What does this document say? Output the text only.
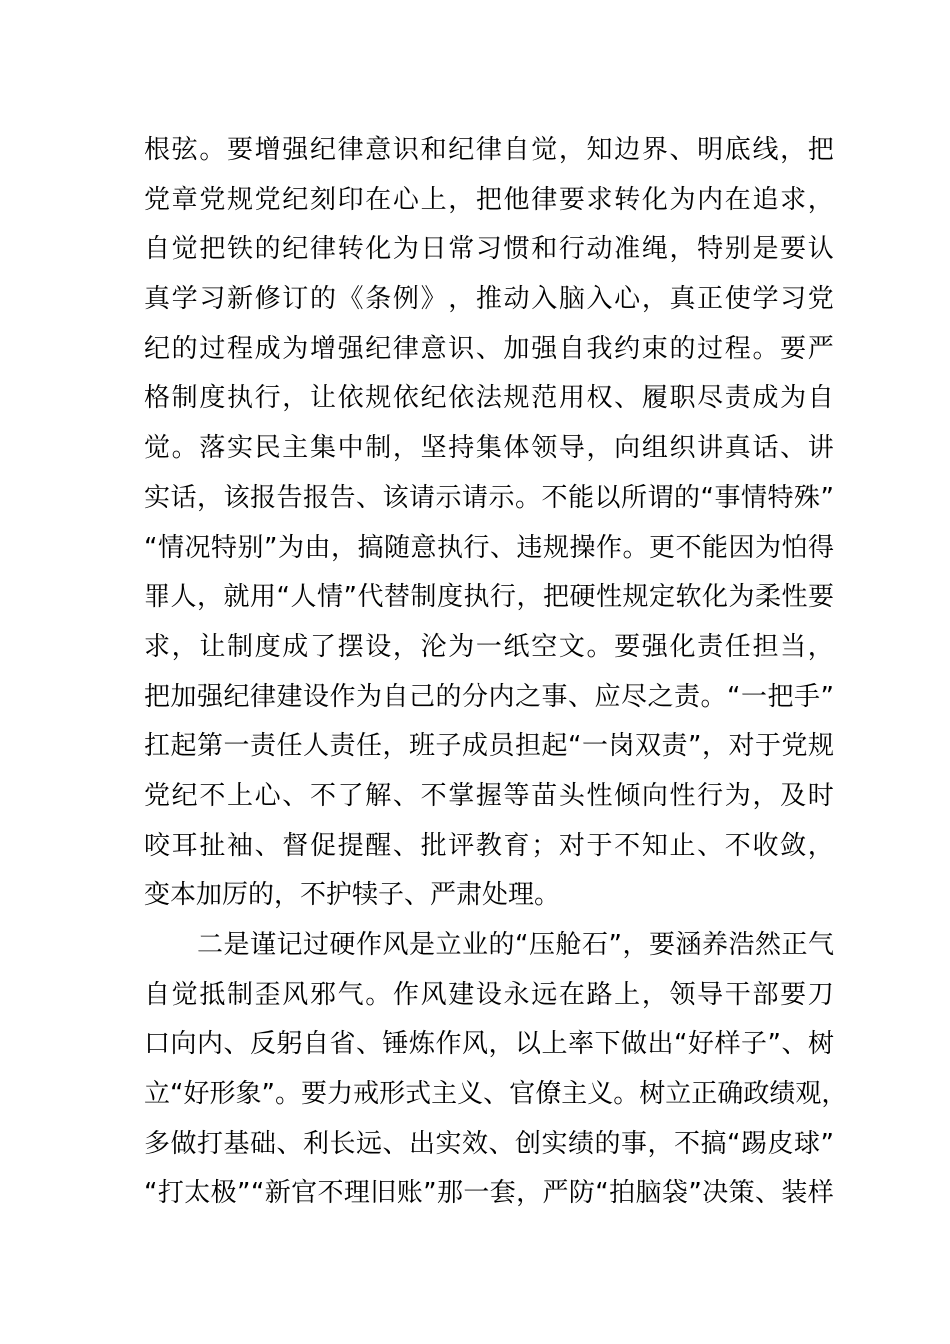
根 弦 。 要 增 强 纪 律 意 识 和 纪 律 自 觉 ， 知 边 界 、 明 底 线 ， 把
党 章 党 规 党 纪 刻 印 在 心 上 ， 把 他 律 要 求 转 化 为 内 在 追 求 ，
自 觉 把 铁 的 纪 律 转 化 为 日 常 习 惯 和 行 动 准 绳 ， 特 别 是 要 认
真 学 习 新 修 订 的 《 条 例 》 ， 推 动 入 脑 入 心 ， 真 正 使 学 习 党
纪 的 过 程 成 为 增 强 纪 律 意 识 、 加 强 自 我 约 束 的 过 程 。 要 严
格 制 度 执 行 ， 让 依 规 依 纪 依 法 规 范 用 权 、 履 职 尽 责 成 为 自
觉 。 落 实 民 主 集 中 制 ， 坚 持 集 体 领 导 ， 向 组 织 讲 真 话 、 讲
实 话 ， 该 报 告 报 告 、 该 请 示 请 示 。 不 能 以 所 谓 的 “ 事 情 特 殊 ”
“ 情 况 特 别 ” 为 由 ， 搞 随 意 执 行 、 违 规 操 作 。 更 不 能 因 为 怕 得
罪 人 ， 就 用 “ 人 情 ” 代 替 制 度 执 行 ， 把 硬 性 规 定 软 化 为 柔 性 要
求 ， 让 制 度 成 了 摆 设 ， 沦 为 一 纸 空 文 。 要 强 化 责 任 担 当 ，
把 加 强 纪 律 建 设 作 为 自 己 的 分 内 之 事 、 应 尽 之 责 。 “ 一 把 手 ”
扛 起 第 一 责 任 人 责 任 ， 班 子 成 员 担 起 “ 一 岗 双 责 ” ， 对 于 党 规
党 纪 不 上 心 、 不 了 解 、 不 掌 握 等 苗 头 性 倾 向 性 行 为 ， 及 时
咬 耳 扯 袖 、 督 促 提 醒 、 批 评 教 育 ； 对 于 不 知 止 、 不 收 敛 ，
变本加厉的，不护犊子、严肃处理。

二 是 谨 记 过 硬 作 风 是 立 业 的 “ 压 舱 石 ” ， 要 涵 养 浩 然 正 气
自 觉 抵 制 歪 风 邪 气 。 作 风 建 设 永 远 在 路 上 ， 领 导 干 部 要 刀
口 向 内 、 反 躬 自 省 、 锤 炼 作 风 ， 以 上 率 下 做 出 “ 好 样 子 ” 、 树
立 “ 好 形 象 ” 。 要 力 戒 形 式 主 义 、 官 僚 主 义 。 树 立 正 确 政 绩 观 ，
多 做 打 基 础 、 利 长 远 、 出 实 效 、 创 实 绩 的 事 ， 不 搞 “ 踢 皮 球 ”
“ 打 太 极 ” “ 新 官 不 理 旧 账 ” 那 一 套 ， 严 防 “ 拍 脑 袋 ” 决 策 、 装 样
